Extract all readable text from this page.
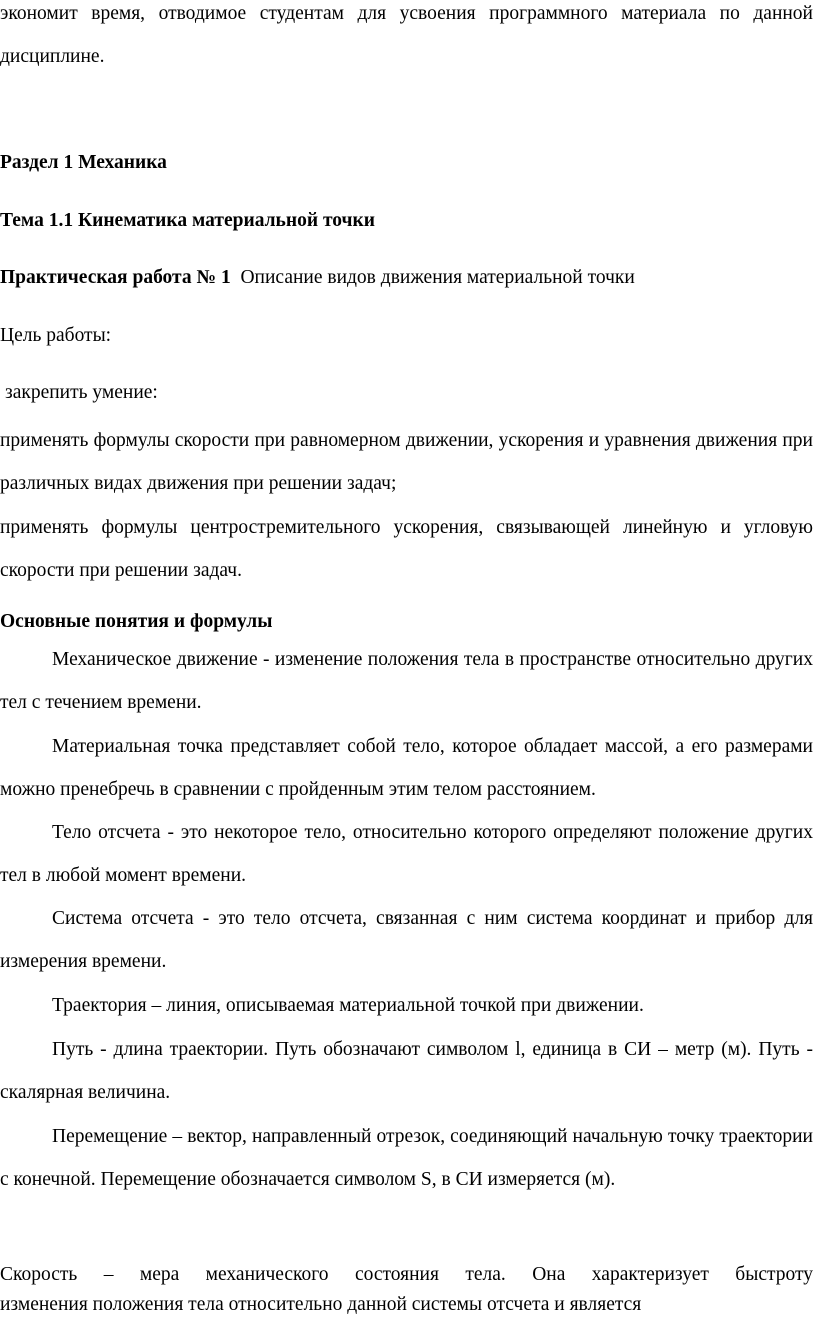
экономит время, отводимое студентам для усвоения программного материала по данной дисциплине.

Раздел 1 Механика

Тема 1.1 Кинематика материальной точки

Практическая работа № 1 Описание видов движения материальной точки

Цель работы:

закрепить умение:

применять формулы скорости при равномерном движении, ускорения и уравнения движения при различных видах движения при решении задач;

применять формулы центростремительного ускорения, связывающей линейную и угловую скорости при решении задач.

Основные понятия и формулы

Механическое движение - изменение положения тела в пространстве относительно других тел с течением времени.

Материальная точка представляет собой тело, которое обладает массой, а его размерами можно пренебречь в сравнении с пройденным этим телом расстоянием.

Тело отсчета - это некоторое тело, относительно которого определяют положение других тел в любой момент времени.

Система отсчета - это тело отсчета, связанная с ним система координат и прибор для измерения времени.

Траектория – линия, описываемая материальной точкой при движении.

Путь - длина траектории. Путь обозначают символом l, единица в СИ – метр (м). Путь - скалярная величина.

Перемещение – вектор, направленный отрезок, соединяющий начальную точку траектории с конечной. Перемещение обозначается символом S, в СИ измеряется (м).

Скорость – мера механического состояния тела. Она характеризует быстроту

изменения положения тела относительно данной системы отсчета и является
